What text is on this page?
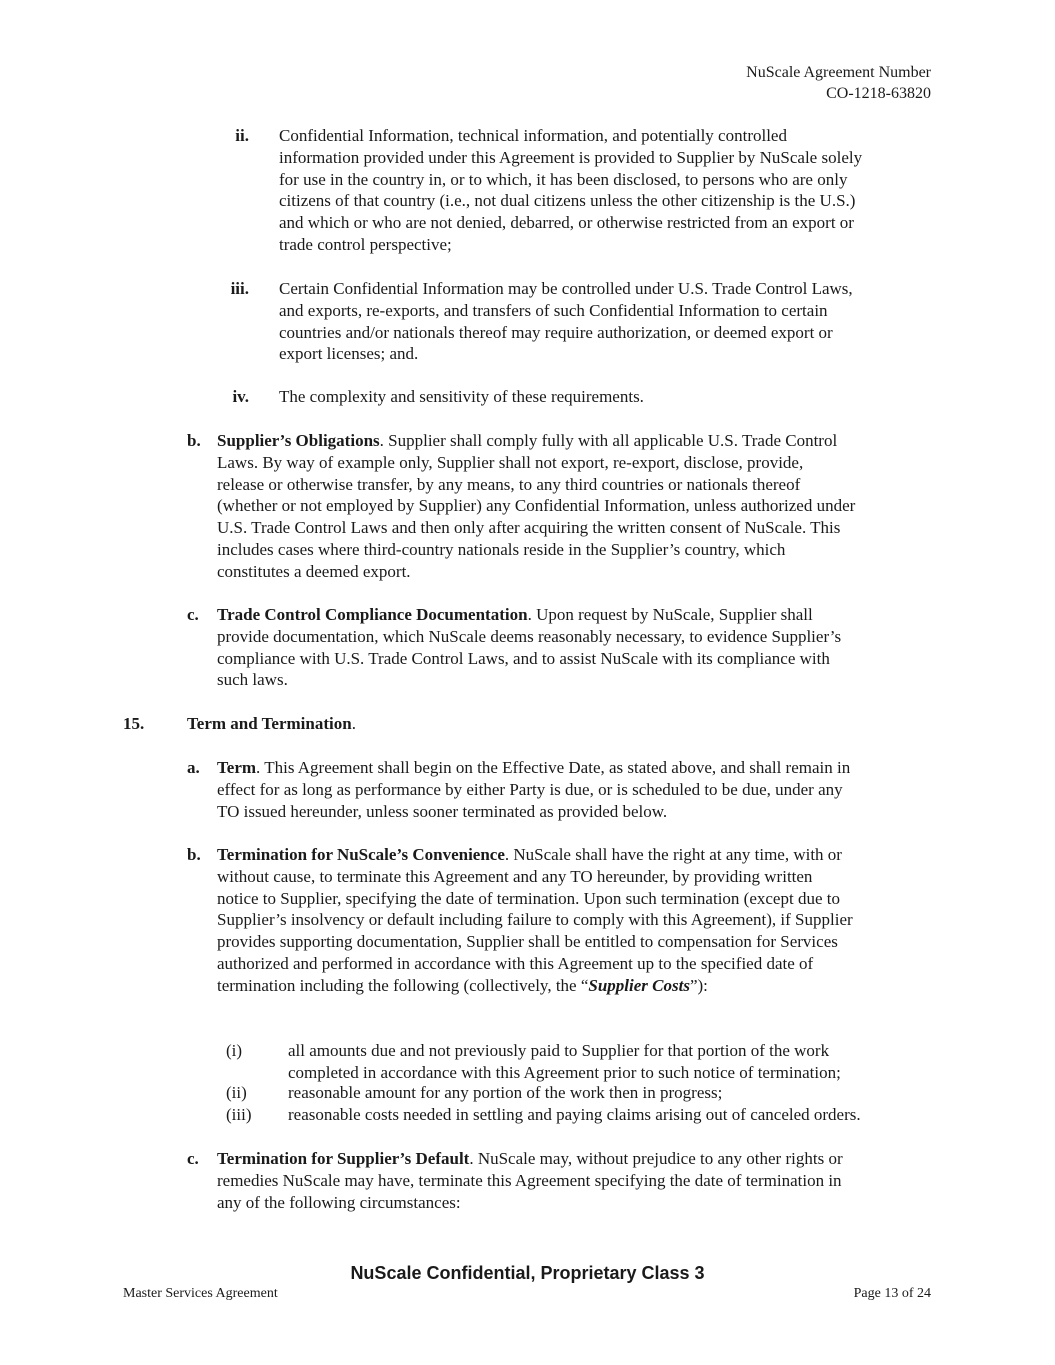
NuScale Agreement Number
CO-1218-63820
ii. Confidential Information, technical information, and potentially controlled
information provided under this Agreement is provided to Supplier by NuScale solely
for use in the country in, or to which, it has been disclosed, to persons who are only
citizens of that country (i.e., not dual citizens unless the other citizenship is the U.S.)
and which or who are not denied, debarred, or otherwise restricted from an export or
trade control perspective;
iii. Certain Confidential Information may be controlled under U.S. Trade Control Laws,
and exports, re-exports, and transfers of such Confidential Information to certain
countries and/or nationals thereof may require authorization, or deemed export or
export licenses; and.
iv. The complexity and sensitivity of these requirements.
b. Supplier’s Obligations. Supplier shall comply fully with all applicable U.S. Trade Control
Laws. By way of example only, Supplier shall not export, re-export, disclose, provide,
release or otherwise transfer, by any means, to any third countries or nationals thereof
(whether or not employed by Supplier) any Confidential Information, unless authorized under
U.S. Trade Control Laws and then only after acquiring the written consent of NuScale. This
includes cases where third-country nationals reside in the Supplier’s country, which
constitutes a deemed export.
c. Trade Control Compliance Documentation. Upon request by NuScale, Supplier shall
provide documentation, which NuScale deems reasonably necessary, to evidence Supplier’s
compliance with U.S. Trade Control Laws, and to assist NuScale with its compliance with
such laws.
15.	Term and Termination.
a. Term. This Agreement shall begin on the Effective Date, as stated above, and shall remain in
effect for as long as performance by either Party is due, or is scheduled to be due, under any
TO issued hereunder, unless sooner terminated as provided below.
b. Termination for NuScale’s Convenience. NuScale shall have the right at any time, with or
without cause, to terminate this Agreement and any TO hereunder, by providing written
notice to Supplier, specifying the date of termination. Upon such termination (except due to
Supplier’s insolvency or default including failure to comply with this Agreement), if Supplier
provides supporting documentation, Supplier shall be entitled to compensation for Services
authorized and performed in accordance with this Agreement up to the specified date of
termination including the following (collectively, the “Supplier Costs”):
(i)	all amounts due and not previously paid to Supplier for that portion of the work
completed in accordance with this Agreement prior to such notice of termination;
(ii) reasonable amount for any portion of the work then in progress;
(iii) reasonable costs needed in settling and paying claims arising out of canceled orders.
c. Termination for Supplier’s Default. NuScale may, without prejudice to any other rights or
remedies NuScale may have, terminate this Agreement specifying the date of termination in
any of the following circumstances:
NuScale Confidential, Proprietary Class 3
Master Services Agreement	Page 13 of 24
